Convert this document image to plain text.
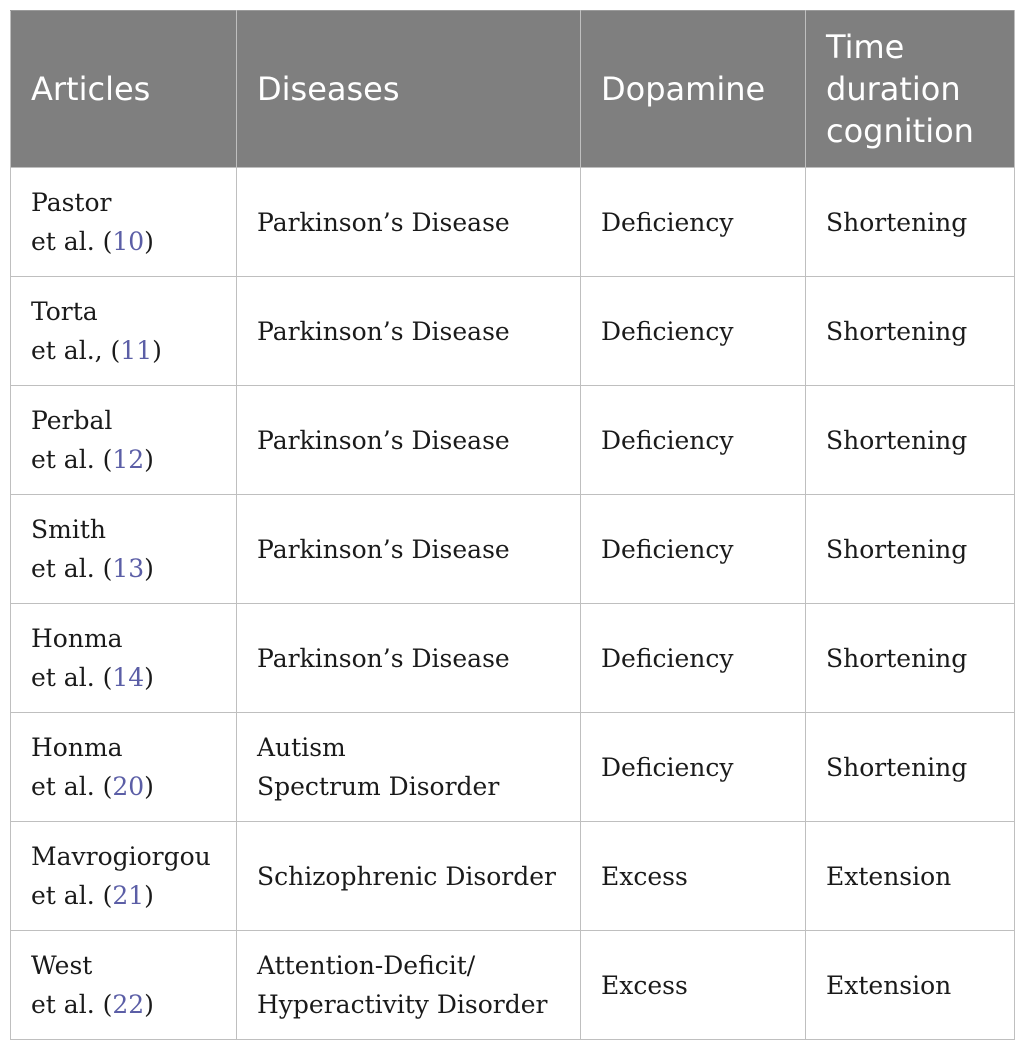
Articles	Diseases	Dopamine	Time
duration
cognition

Pastor
et al. (10)	Parkinson’s Disease	Deficiency	Shortening

Torta
et al., (11)	Parkinson’s Disease	Deficiency	Shortening

Perbal
et al. (12)	Parkinson’s Disease	Deficiency	Shortening

Smith
et al. (13)	Parkinson’s Disease	Deficiency	Shortening

Honma
et al. (14)	Parkinson’s Disease	Deficiency	Shortening

Honma
et al. (20)	Autism
Spectrum Disorder	Deficiency	Shortening

Mavrogiorgou
et al. (21)	Schizophrenic Disorder	Excess	Extension

West
et al. (22)	Attention-Deficit/
Hyperactivity Disorder	Excess	Extension
